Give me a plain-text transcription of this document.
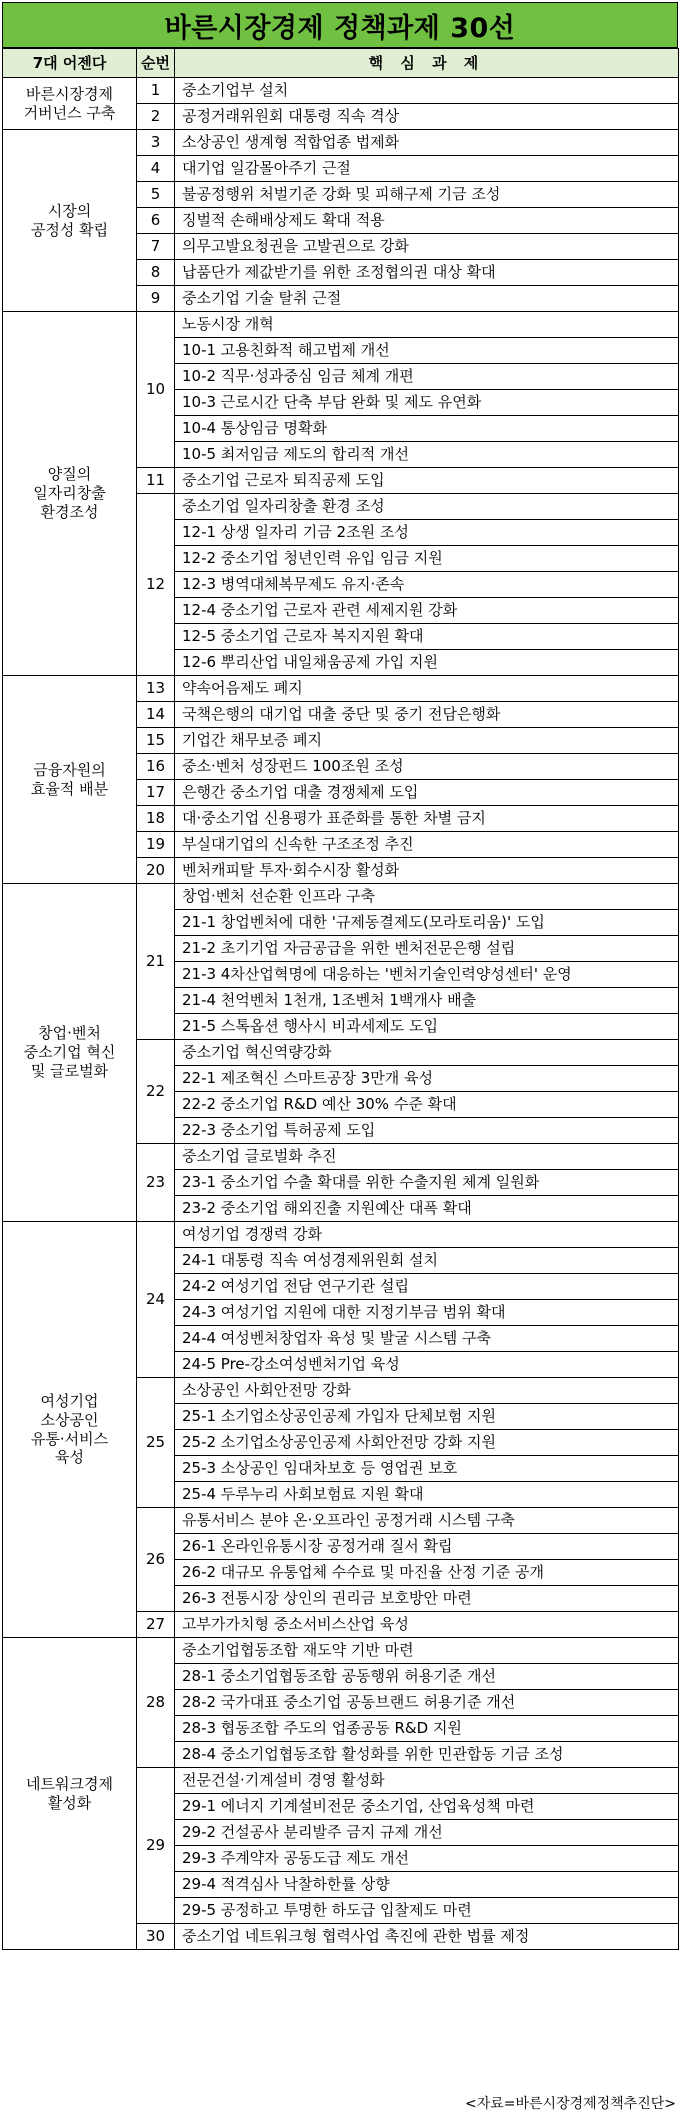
바른시장경제 정책과제 30선
7대 어젠다	순번	핵 심 과 제
바른시장경제
거버넌스 구축	1	중소기업부 설치
	2	공정거래위원회 대통령 직속 격상
시장의
공정성 확립	3	소상공인 생계형 적합업종 법제화
	4	대기업 일감몰아주기 근절
	5	불공정행위 처벌기준 강화 및 피해구제 기금 조성
	6	징벌적 손해배상제도 확대 적용
	7	의무고발요청권을 고발권으로 강화
	8	납품단가 제값받기를 위한 조정협의권 대상 확대
	9	중소기업 기술 탈취 근절
양질의
일자리창출
환경조성	10	노동시장 개혁
		10-1 고용친화적 해고법제 개선
		10-2 직무·성과중심 임금 체계 개편
		10-3 근로시간 단축 부담 완화 및 제도 유연화
		10-4 통상임금 명확화
		10-5 최저임금 제도의 합리적 개선
	11	중소기업 근로자 퇴직공제 도입
	12	중소기업 일자리창출 환경 조성
		12-1 상생 일자리 기금 2조원 조성
		12-2 중소기업 청년인력 유입 임금 지원
		12-3 병역대체복무제도 유지·존속
		12-4 중소기업 근로자 관련 세제지원 강화
		12-5 중소기업 근로자 복지지원 확대
		12-6 뿌리산업 내일채움공제 가입 지원
금융자원의
효율적 배분	13	약속어음제도 폐지
	14	국책은행의 대기업 대출 중단 및 중기 전담은행화
	15	기업간 채무보증 폐지
	16	중소·벤처 성장펀드 100조원 조성
	17	은행간 중소기업 대출 경쟁체제 도입
	18	대·중소기업 신용평가 표준화를 통한 차별 금지
	19	부실대기업의 신속한 구조조정 추진
	20	벤처캐피탈 투자·회수시장 활성화
창업·벤처
중소기업 혁신
및 글로벌화	21	창업·벤처 선순환 인프라 구축
		21-1 창업벤처에 대한 '규제동결제도(모라토리움)' 도입
		21-2 초기기업 자금공급을 위한 벤처전문은행 설립
		21-3 4차산업혁명에 대응하는 '벤처기술인력양성센터' 운영
		21-4 천억벤처 1천개, 1조벤처 1백개사 배출
		21-5 스톡옵션 행사시 비과세제도 도입
	22	중소기업 혁신역량강화
		22-1 제조혁신 스마트공장 3만개 육성
		22-2 중소기업 R&D 예산 30% 수준 확대
		22-3 중소기업 특허공제 도입
	23	중소기업 글로벌화 추진
		23-1 중소기업 수출 확대를 위한 수출지원 체계 일원화
		23-2 중소기업 해외진출 지원예산 대폭 확대
여성기업
소상공인
유통·서비스
육성	24	여성기업 경쟁력 강화
		24-1 대통령 직속 여성경제위원회 설치
		24-2 여성기업 전담 연구기관 설립
		24-3 여성기업 지원에 대한 지정기부금 범위 확대
		24-4 여성벤처창업자 육성 및 발굴 시스템 구축
		24-5 Pre-강소여성벤처기업 육성
	25	소상공인 사회안전망 강화
		25-1 소기업소상공인공제 가입자 단체보험 지원
		25-2 소기업소상공인공제 사회안전망 강화 지원
		25-3 소상공인 임대차보호 등 영업권 보호
		25-4 두루누리 사회보험료 지원 확대
	26	유통서비스 분야 온·오프라인 공정거래 시스템 구축
		26-1 온라인유통시장 공정거래 질서 확립
		26-2 대규모 유통업체 수수료 및 마진율 산정 기준 공개
		26-3 전통시장 상인의 권리금 보호방안 마련
	27	고부가가치형 중소서비스산업 육성
네트워크경제
활성화	28	중소기업협동조합 재도약 기반 마련
		28-1 중소기업협동조합 공동행위 허용기준 개선
		28-2 국가대표 중소기업 공동브랜드 허용기준 개선
		28-3 협동조합 주도의 업종공동 R&D 지원
		28-4 중소기업협동조합 활성화를 위한 민관합동 기금 조성
	29	전문건설·기계설비 경영 활성화
		29-1 에너지 기계설비전문 중소기업, 산업육성책 마련
		29-2 건설공사 분리발주 금지 규제 개선
		29-3 주계약자 공동도급 제도 개선
		29-4 적격심사 낙찰하한률 상향
		29-5 공정하고 투명한 하도급 입찰제도 마련
	30	중소기업 네트워크형 협력사업 촉진에 관한 법률 제정
<자료=바른시장경제정책추진단>
